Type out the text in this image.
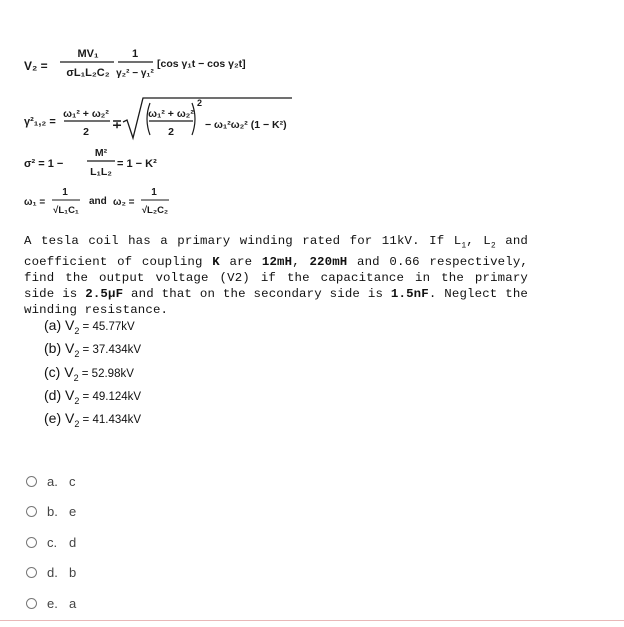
V₂ =
MV₁
σL₁L₂C₂
1
γ₂² − γ₁²
[cos γ₁t − cos γ₂t]
γ²₁,₂ =
ω₁² + ω₂²
2
∓
ω₁² + ω₂²
2
2
− ω₁²ω₂² (1 − K²)
σ² = 1 −
M²
L₁L₂
= 1 − K²
ω₁ =
1
√L₁C₁
and ω₂ =
1
√L₂C₂
A tesla coil has a primary winding rated for 11kV. If $L_1$, $L_2$ and coefficient of coupling K are 12mH, 220mH and 0.66 respectively, find the output voltage (V2) if the capacitance in the primary side is 2.5µF and that on the secondary side is 1.5nF. Neglect the winding resistance.
(a) $V_2 = 45.77kV$
(b) $V_2 = 37.434kV$
(c) $V_2 = 52.98kV$
(d) $V_2 = 49.124kV$
(e) $V_2 = 41.434kV$
a. c
b. e
c. d
d. b
e. a
